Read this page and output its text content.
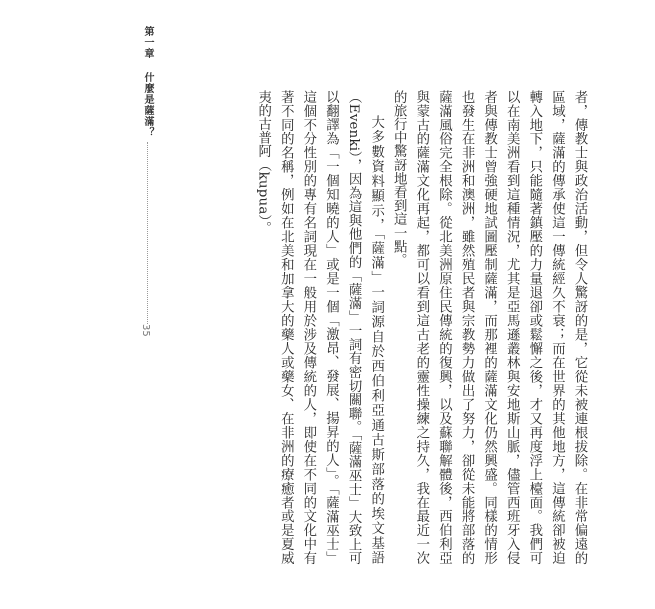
第一章
什麼是薩滿？
35	者，傳教士與政治活動，但令人驚訝的是，它從未被連根拔除。在非常偏遠的區域，薩滿的傳承使這一傳統經久不衰；而在世界的其他地方，這傳統卻被迫轉入地下，只能隨著鎮壓的力量退卻或鬆懈之後，才又再度浮上檯面。我們可以在南美洲看到這種情況，尤其是亞馬遜叢林與安地斯山脈，儘管西班牙入侵者與傳教士曾強硬地試圖壓制薩滿，而那裡的薩滿文化仍然興盛。同樣的情形也發生在非洲和澳洲，雖然殖民者與宗教勢力做出了努力，卻從未能將部落的薩滿風俗完全根除。從北美洲原住民傳統的復興，以及蘇聯解體後，西伯利亞與蒙古的薩滿文化再起，都可以看到這古老的靈性操練之持久，我在最近一次的旅行中驚訝地看到這一點。

大多數資料顯示，「薩滿」一詞源自於西伯利亞通古斯部落的埃文基語（Evenki），因為這與他們的「薩滿」一詞有密切關聯。「薩滿巫士」大致上可以翻譯為「一個知曉的人」或是一個「激昂、發展、揚昇的人」。「薩滿巫士」這個不分性別的專有名詞現在一般用於涉及傳統的人，即使在不同的文化中有著不同的名稱，例如在北美和加拿大的藥人或藥女、在非洲的療癒者或是夏威夷的古普阿（kupua）。
